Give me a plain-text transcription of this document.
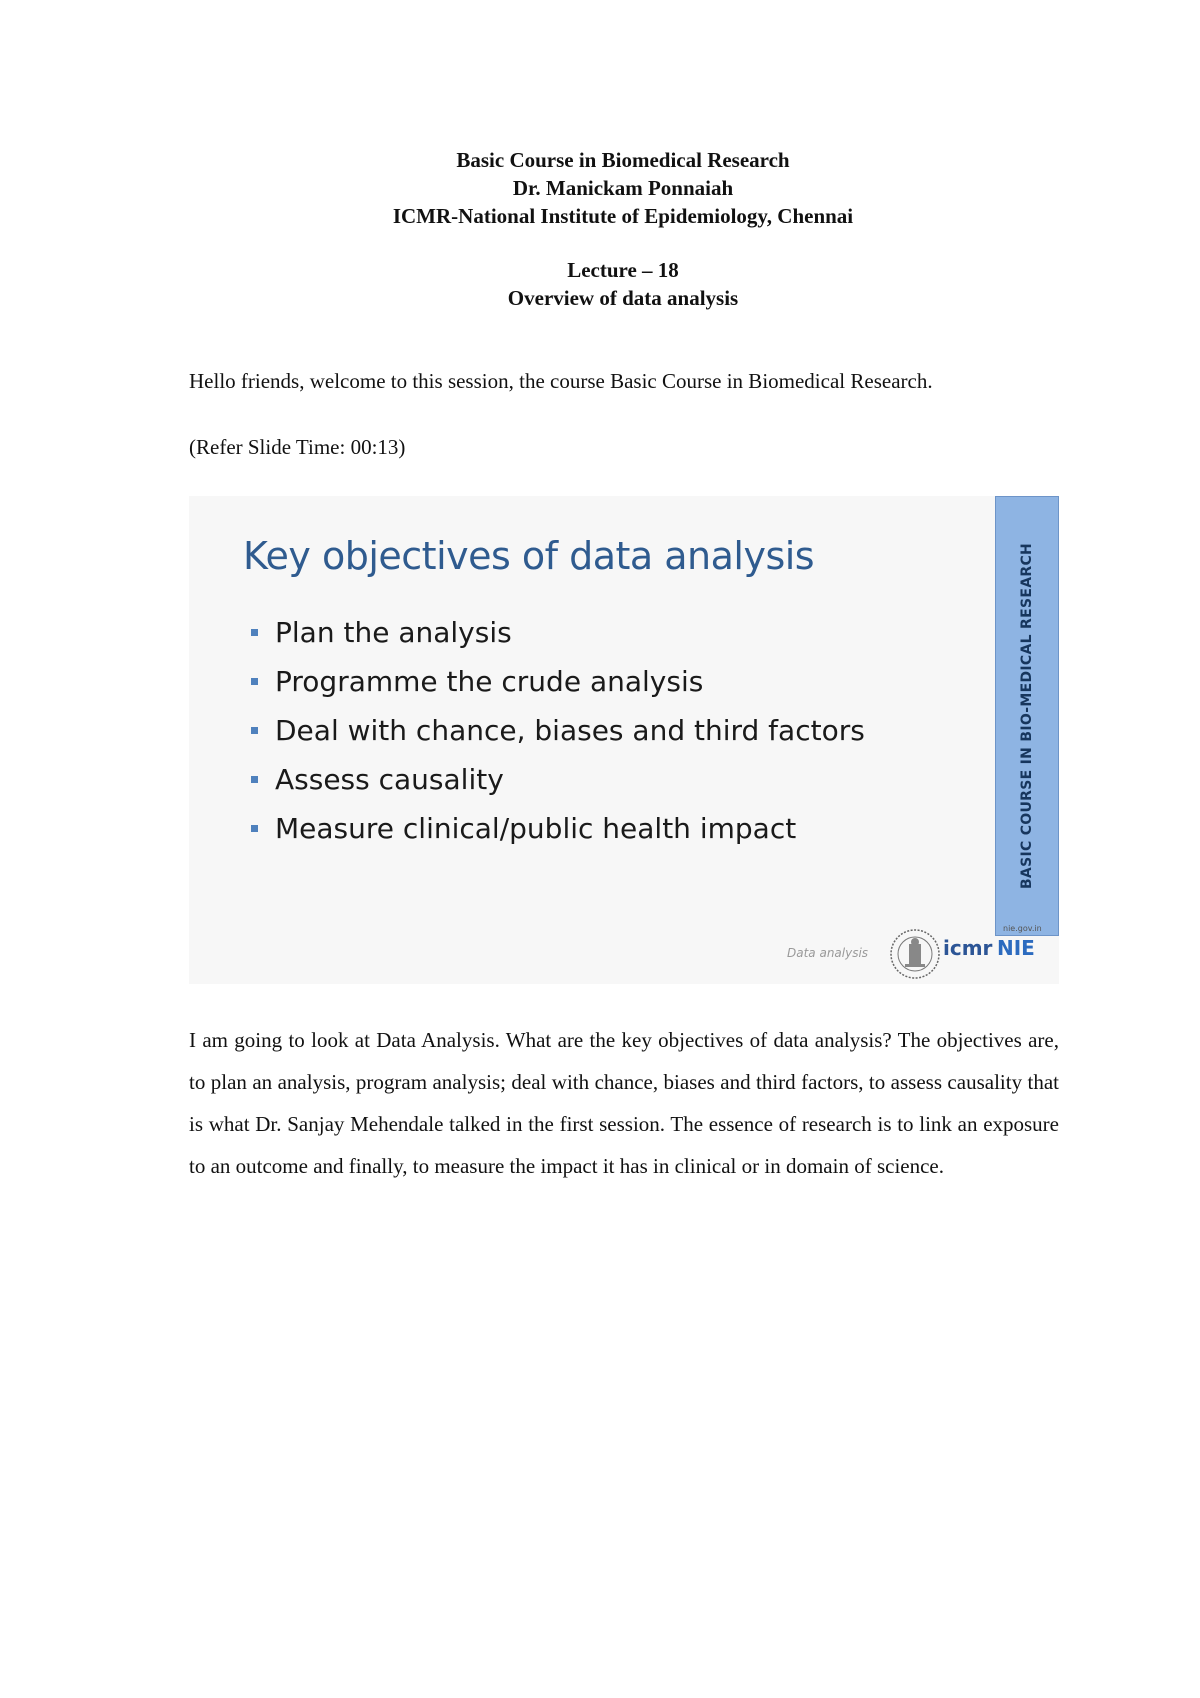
Basic Course in Biomedical Research
Dr. Manickam Ponnaiah
ICMR-National Institute of Epidemiology, Chennai
Lecture – 18
Overview of data analysis
Hello friends, welcome to this session, the course Basic Course in Biomedical Research.
(Refer Slide Time: 00:13)
Key objectives of data analysis
Plan the analysis
Programme the crude analysis
Deal with chance, biases and third factors
Assess causality
Measure clinical/public health impact	BASIC COURSE IN BIO-MEDICAL RESEARCH
nie.gov.in
Data analysis	icmr NIE
I am going to look at Data Analysis. What are the key objectives of data analysis? The objectives are, to plan an analysis, program analysis; deal with chance, biases and third factors, to assess causality that is what Dr. Sanjay Mehendale talked in the first session. The essence of research is to link an exposure to an outcome and finally, to measure the impact it has in clinical or in domain of science.
